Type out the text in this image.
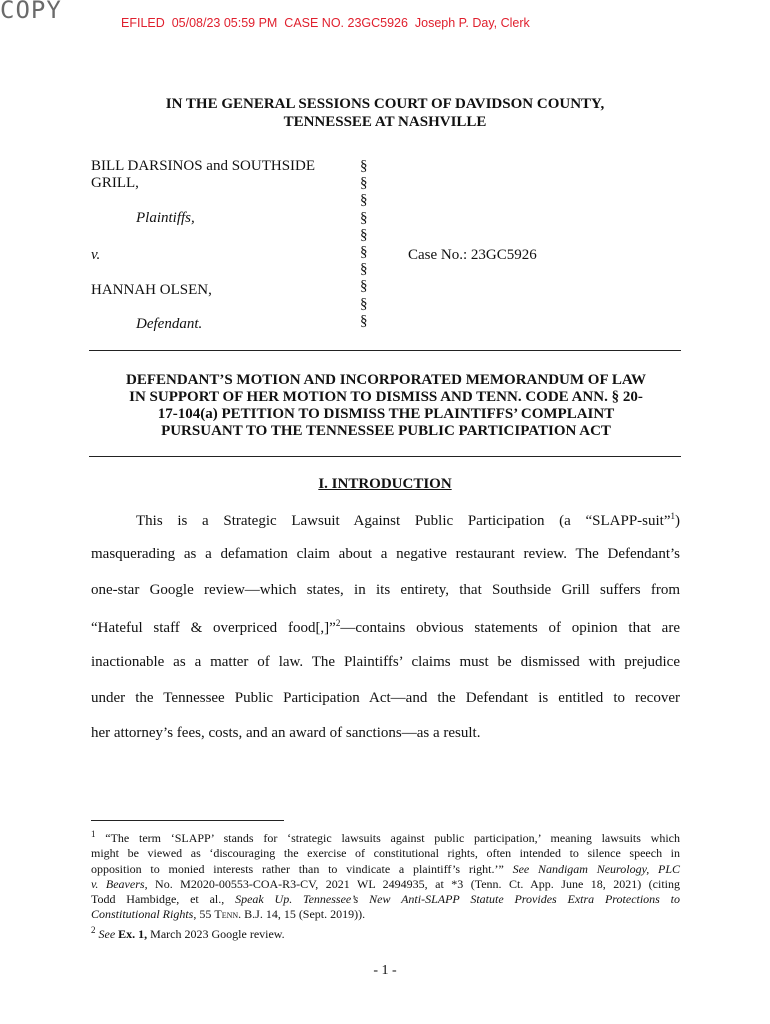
COPY	EFILED  05/08/23 05:59 PM  CASE NO. 23GC5926  Joseph P. Day, Clerk
IN THE GENERAL SESSIONS COURT OF DAVIDSON COUNTY,
TENNESSEE AT NASHVILLE
BILL DARSINOS and SOUTHSIDE
GRILL,
Plaintiffs,
v.
HANNAH OLSEN,
Defendant.
§
§
§
§
§
§
§
§
§
§
Case No.: 23GC5926
DEFENDANT’S MOTION AND INCORPORATED MEMORANDUM OF LAW
IN SUPPORT OF HER MOTION TO DISMISS AND TENN. CODE ANN. § 20-
17-104(a) PETITION TO DISMISS THE PLAINTIFFS’ COMPLAINT
PURSUANT TO THE TENNESSEE PUBLIC PARTICIPATION ACT
I. INTRODUCTION
This is a Strategic Lawsuit Against Public Participation (a “SLAPP-suit”$^1$)
masquerading as a defamation claim about a negative restaurant review. The Defendant’s
one-star Google review—which states, in its entirety, that Southside Grill suffers from
“Hateful staff & overpriced food[,]”$^2$—contains obvious statements of opinion that are
inactionable as a matter of law. The Plaintiffs’ claims must be dismissed with prejudice
under the Tennessee Public Participation Act—and the Defendant is entitled to recover
her attorney’s fees, costs, and an award of sanctions—as a result.
$^1$ “The term ‘SLAPP’ stands for ‘strategic lawsuits against public participation,’ meaning lawsuits which
might be viewed as ‘discouraging the exercise of constitutional rights, often intended to silence speech in
opposition to monied interests rather than to vindicate a plaintiff’s right.’” See Nandigam Neurology, PLC
v. Beavers, No. M2020-00553-COA-R3-CV, 2021 WL 2494935, at *3 (Tenn. Ct. App. June 18, 2021) (citing
Todd Hambidge, et al., Speak Up. Tennessee’s New Anti-SLAPP Statute Provides Extra Protections to
Constitutional Rights, 55 Tenn. B.J. 14, 15 (Sept. 2019)).
$^2$ See Ex. 1, March 2023 Google review.
- 1 -
